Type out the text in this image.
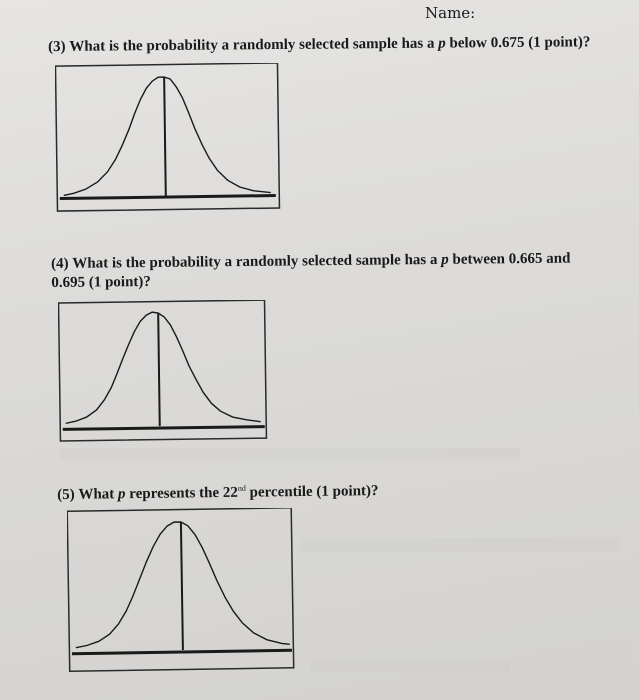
Name:
(3) What is the probability a randomly selected sample has a p below 0.675 (1 point)?
(4) What is the probability a randomly selected sample has a p between 0.665 and 0.695 (1 point)?
(5) What p represents the 22nd percentile (1 point)?
